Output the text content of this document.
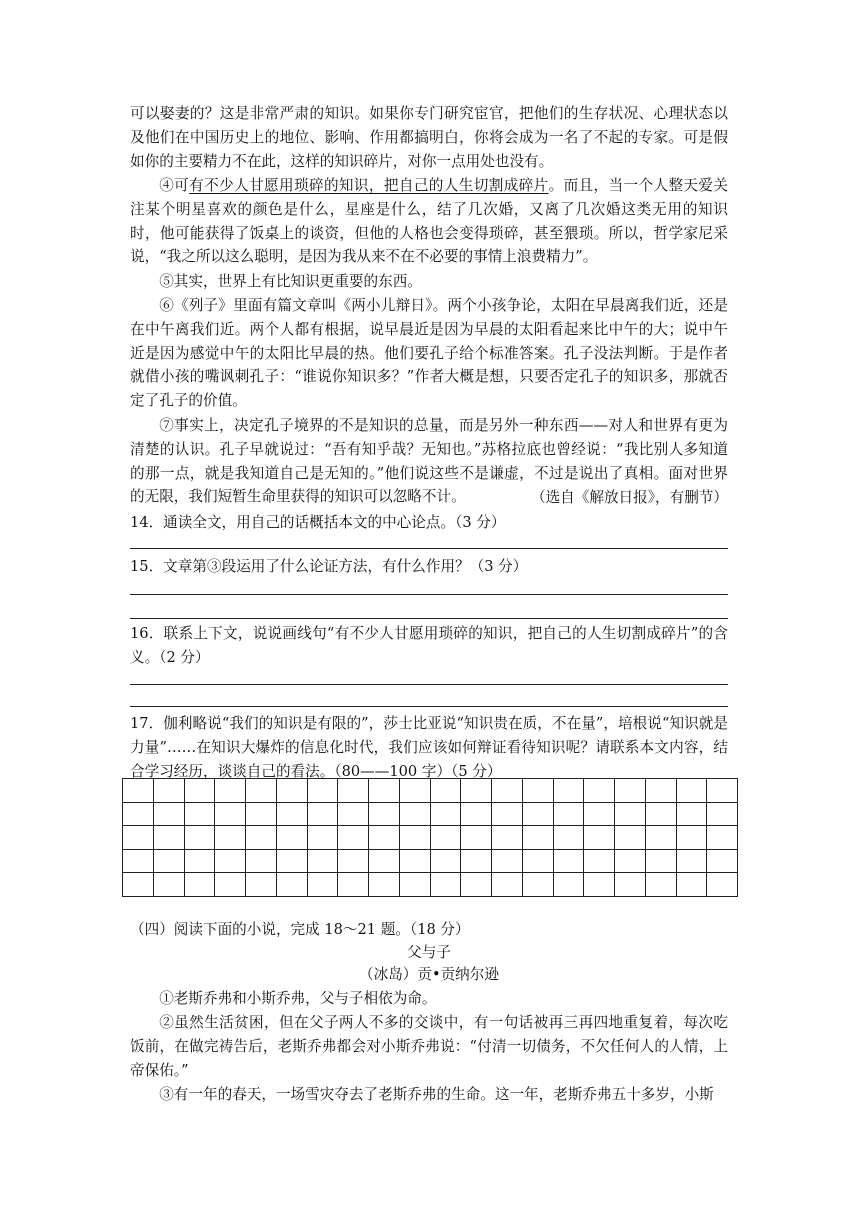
可以娶妻的？这是非常严肃的知识。如果你专门研究宦官，把他们的生存状况、心理状态以及他们在中国历史上的地位、影响、作用都搞明白，你将会成为一名了不起的专家。可是假如你的主要精力不在此，这样的知识碎片，对你一点用处也没有。
④可有不少人甘愿用琐碎的知识，把自己的人生切割成碎片。而且，当一个人整天爱关注某个明星喜欢的颜色是什么，星座是什么，结了几次婚，又离了几次婚这类无用的知识时，他可能获得了饭桌上的谈资，但他的人格也会变得琐碎，甚至猥琐。所以，哲学家尼采说，“我之所以这么聪明，是因为我从来不在不必要的事情上浪费精力”。
⑤其实，世界上有比知识更重要的东西。
⑥《列子》里面有篇文章叫《两小儿辩日》。两个小孩争论，太阳在早晨离我们近，还是在中午离我们近。两个人都有根据，说早晨近是因为早晨的太阳看起来比中午的大；说中午近是因为感觉中午的太阳比早晨的热。他们要孔子给个标准答案。孔子没法判断。于是作者就借小孩的嘴讽刺孔子：“谁说你知识多？”作者大概是想，只要否定孔子的知识多，那就否定了孔子的价值。
⑦事实上，决定孔子境界的不是知识的总量，而是另外一种东西——对人和世界有更为清楚的认识。孔子早就说过：“吾有知乎哉？无知也。”苏格拉底也曾经说：“我比别人多知道的那一点，就是我知道自己是无知的。”他们说这些不是谦虚，不过是说出了真相。面对世界的无限，我们短暂生命里获得的知识可以忽略不计。	（选自《解放日报》，有删节）
14．通读全文，用自己的话概括本文的中心论点。（3 分）
15．文章第③段运用了什么论证方法，有什么作用？（3 分）
16．联系上下文，说说画线句“有不少人甘愿用琐碎的知识，把自己的人生切割成碎片”的含义。（2 分）
17．伽利略说“我们的知识是有限的”，莎士比亚说“知识贵在质，不在量”，培根说“知识就是力量”……在知识大爆炸的信息化时代，我们应该如何辩证看待知识呢？请联系本文内容，结合学习经历，谈谈自己的看法。（80——100 字）（5 分）

（四）阅读下面的小说，完成 18～21 题。（18 分）
父与子
（冰岛）贡•贡纳尔逊
①老斯乔弗和小斯乔弗，父与子相依为命。
②虽然生活贫困，但在父子两人不多的交谈中，有一句话被再三再四地重复着，每次吃饭前，在做完祷告后，老斯乔弗都会对小斯乔弗说：“付清一切债务，不欠任何人的人情，上帝保佑。”
③有一年的春天，一场雪灾夺去了老斯乔弗的生命。这一年，老斯乔弗五十多岁，小斯
